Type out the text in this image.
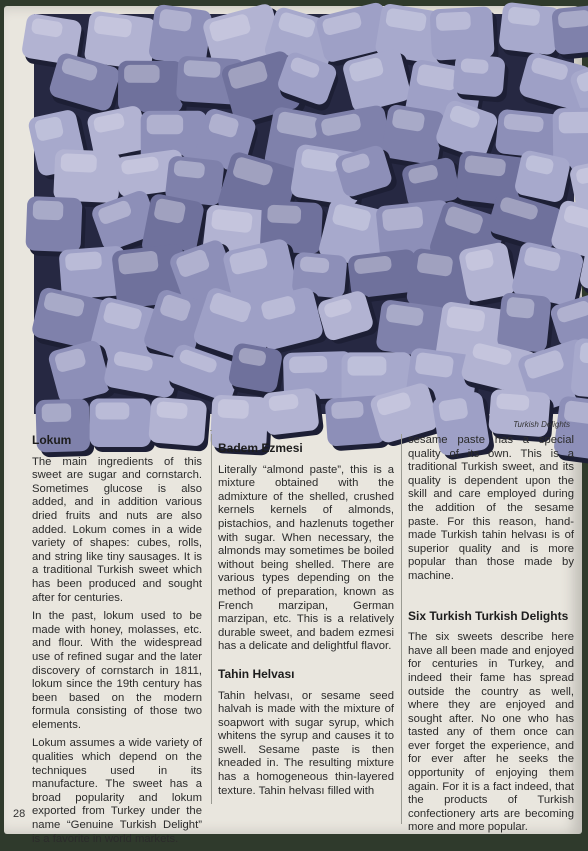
Turkish Delights
Lokum

The main ingredients of this sweet are sugar and cornstarch. Sometimes glucose is also added, and in addition various dried fruits and nuts are also added. Lokum comes in a wide variety of shapes: cubes, rolls, and string like tiny sausages. It is a traditional Turkish sweet which has been produced and sought after for centuries.

In the past, lokum used to be made with honey, molasses, etc. and flour. With the widespread use of refined sugar and the later discovery of cornstarch in 1811, lokum since the 19th century has been based on the modern formula consisting of those two elements.

Lokum assumes a wide variety of qualities which depend on the techniques used in its manufacture. The sweet has a broad popularity and lokum exported from Turkey under the name “Genuine Turkish Delight” is a favorite in world markets.

Badem Ezmesi

Literally “almond paste”, this is a mixture obtained with the admixture of the shelled, crushed kernels kernels of almonds, pistachios, and hazlenuts together with sugar. When necessary, the almonds may sometimes be boiled without being shelled. There are various types depending on the method of preparation, known as French marzipan, German marzipan, etc. This is a relatively durable sweet, and badem ezmesi has a delicate and delightful flavor.

Tahin Helvası

Tahin helvası, or sesame seed halvah is made with the mixture of soapwort with sugar syrup, which whitens the syrup and causes it to swell. Sesame paste is then kneaded in. The resulting mixture has a homogeneous thin-layered texture. Tahin helvası filled with

sesame paste has a special quality of its own. This is a traditional Turkish sweet, and its quality is dependent upon the skill and care employed during the addition of the sesame paste. For this reason, hand-made Turkish tahin helvası is of superior quality and is more popular than those made by machine.

Six Turkish Turkish Delights

The six sweets describe here have all been made and enjoyed for centuries in Turkey, and indeed their fame has spread outside the country as well, where they are enjoyed and sought after. No one who has tasted any of them once can ever forget the experience, and for ever after he seeks the opportunity of enjoying them again. For it is a fact indeed, that the products of Turkish confectionery arts are becoming more and more popular.

28
